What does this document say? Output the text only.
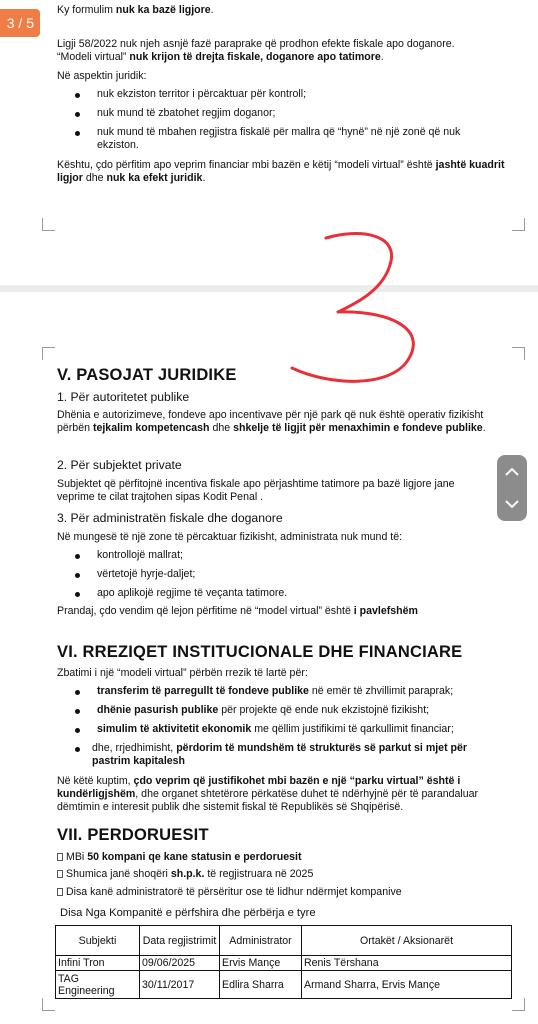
Ky formulim nuk ka bazë ligjore.
Ligji 58/2022 nuk njeh asnjë fazë paraprake që prodhon efekte fiskale apo doganore.
“Modeli virtual” nuk krijon të drejta fiskale, doganore apo tatimore.
Në aspektin juridik:
nuk ekziston territor i përcaktuar për kontroll;
nuk mund të zbatohet regjim doganor;
nuk mund të mbahen regjistra fiskalë për mallra që “hynë” në një zonë që nuk ekziston.
Kështu, çdo përfitim apo veprim financiar mbi bazën e këtij “modeli virtual” është jashtë kuadrit ligjor dhe nuk ka efekt juridik.
3 / 5
V. PASOJAT JURIDIKE
1. Për autoritetet publike
Dhënia e autorizimeve, fondeve apo incentivave për një park që nuk është operativ fizikisht përbën tejkalim kompetencash dhe shkelje të ligjit për menaxhimin e fondeve publike.
2. Për subjektet private
Subjektet që përfitojnë incentiva fiskale apo përjashtime tatimore pa bazë ligjore jane veprime te cilat trajtohen sipas Kodit Penal .
3. Për administratën fiskale dhe doganore
Në mungesë të një zone të përcaktuar fizikisht, administrata nuk mund të:
kontrollojë mallrat;
vërtetojë hyrje-daljet;
apo aplikojë regjime të veçanta tatimore.
Prandaj, çdo vendim që lejon përfitime në “model virtual” është i pavlefshëm
VI. RREZIQET INSTITUCIONALE DHE FINANCIARE
Zbatimi i një “modeli virtual” përbën rrezik të lartë për:
transferim të parregullt të fondeve publike në emër të zhvillimit paraprak;
dhënie pasurish publike për projekte që ende nuk ekzistojnë fizikisht;
simulim të aktivitetit ekonomik me qëllim justifikimi të qarkullimit financiar;
dhe, rrjedhimisht, përdorim të mundshëm të strukturës së parkut si mjet për pastrim kapitalesh
Në këtë kuptim, çdo veprim që justifikohet mbi bazën e një “parku virtual” është i kundërligjshëm, dhe organet shtetërore përkatëse duhet të ndërhyjnë për të parandaluar dëmtimin e interesit publik dhe sistemit fiskal të Republikës së Shqipërisë.
VII. PERDORUESIT
MBi 50 kompani qe kane statusin e perdoruesit
Shumica janë shoqëri sh.p.k. të regjistruara në 2025
Disa kanë administratorë të përsëritur ose të lidhur ndërmjet kompanive
Disa Nga Kompanitë e përfshira dhe përbërja e tyre
Subjekti	Data regjistrimit	Administrator	Ortakët / Aksionarët
Infini Tron	09/06/2025	Ervis Mançe	Renis Tërshana
TAG Engineering	30/11/2017	Edlira Sharra	Armand Sharra, Ervis Mançe
